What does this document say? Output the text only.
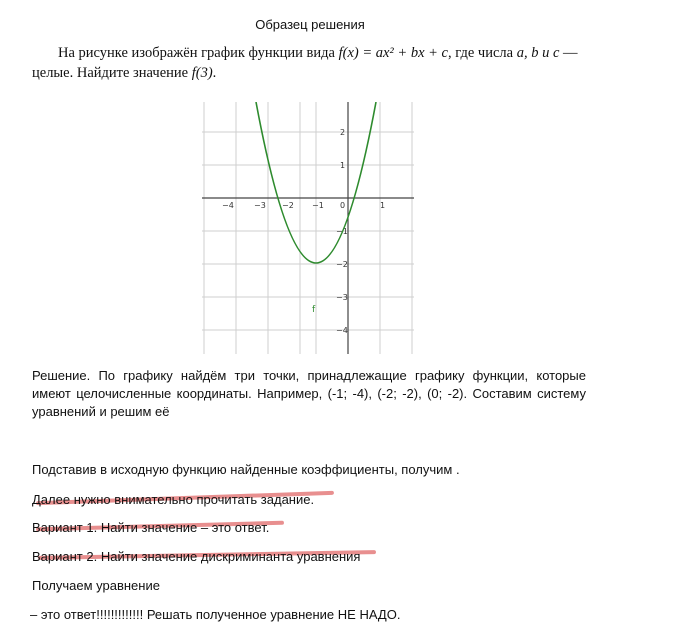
Образец решения
На рисунке изображён график функции вида f(x) = ax² + bx + c, где числа a, b и c — целые. Найдите значение f(3).
−4	−3 −2 −1 0	1
2
1
−1
−2
−3
−4
f
Решение. По графику найдём три точки, принадлежащие графику функции, которые имеют целочисленные координаты. Например, (-1; -4), (-2; -2), (0; -2). Составим систему уравнений и решим её
Подставив в исходную функцию найденные коэффициенты, получим .
Далее нужно внимательно прочитать задание.
Вариант 1. Найти значение – это ответ.
Вариант 2. Найти значение дискриминанта уравнения
Получаем уравнение
– это ответ!!!!!!!!!!!!! Решать полученное уравнение НЕ НАДО.
